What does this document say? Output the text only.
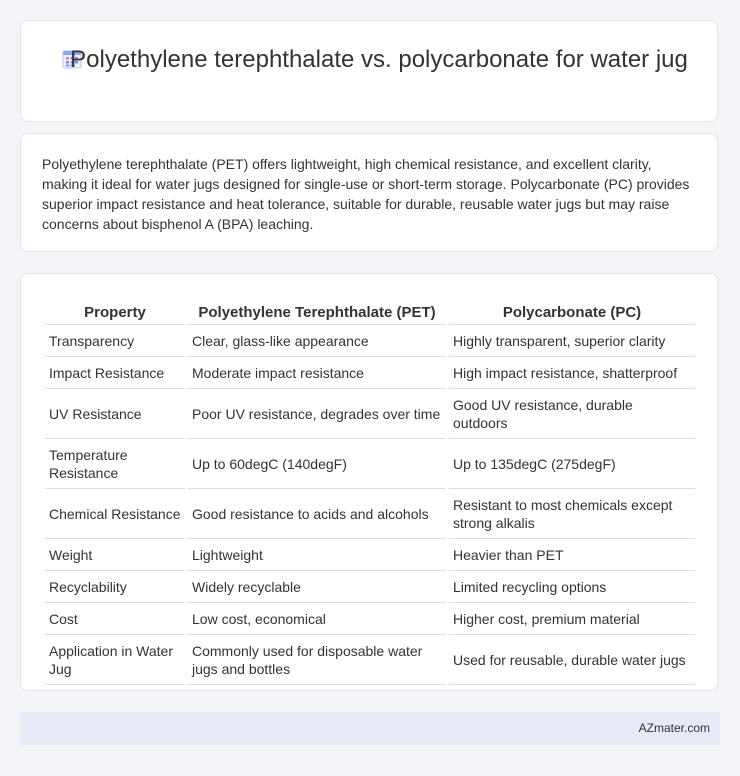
Polyethylene terephthalate vs. polycarbonate for water jug

Polyethylene terephthalate (PET) offers lightweight, high chemical resistance, and excellent clarity, making it ideal for water jugs designed for single-use or short-term storage. Polycarbonate (PC) provides superior impact resistance and heat tolerance, suitable for durable, reusable water jugs but may raise concerns about bisphenol A (BPA) leaching.

Property	Polyethylene Terephthalate (PET)	Polycarbonate (PC)
Transparency	Clear, glass-like appearance	Highly transparent, superior clarity
Impact Resistance	Moderate impact resistance	High impact resistance, shatterproof
UV Resistance	Poor UV resistance, degrades over time	Good UV resistance, durable outdoors
Temperature Resistance	Up to 60degC (140degF)	Up to 135degC (275degF)
Chemical Resistance	Good resistance to acids and alcohols	Resistant to most chemicals except strong alkalis
Weight	Lightweight	Heavier than PET
Recyclability	Widely recyclable	Limited recycling options
Cost	Low cost, economical	Higher cost, premium material
Application in Water Jug	Commonly used for disposable water jugs and bottles	Used for reusable, durable water jugs
AZmater.com
